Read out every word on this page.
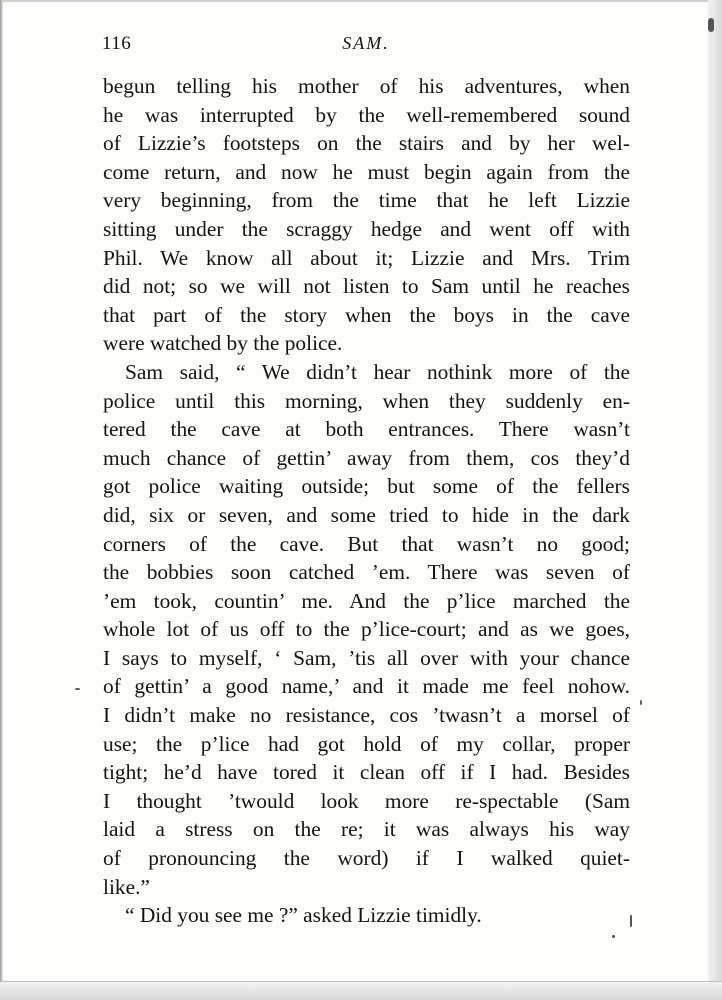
116	SAM.
begun telling his mother of his adventures, when
he was interrupted by the well-remembered sound
of Lizzie’s footsteps on the stairs and by her wel-
come return, and now he must begin again from the
very beginning, from the time that he left Lizzie
sitting under the scraggy hedge and went off with
Phil. We know all about it; Lizzie and Mrs. Trim
did not; so we will not listen to Sam until he reaches
that part of the story when the boys in the cave
were watched by the police.
Sam said, “ We didn’t hear nothink more of the
police until this morning, when they suddenly en-
tered the cave at both entrances. There wasn’t
much chance of gettin’ away from them, cos they’d
got police waiting outside; but some of the fellers
did, six or seven, and some tried to hide in the dark
corners of the cave. But that wasn’t no good;
the bobbies soon catched ’em. There was seven of
’em took, countin’ me. And the p’lice marched the
whole lot of us off to the p’lice-court; and as we goes,
I says to myself, ‘ Sam, ’tis all over with your chance
of gettin’ a good name,’ and it made me feel nohow.
I didn’t make no resistance, cos ’twasn’t a morsel of
use; the p’lice had got hold of my collar, proper
tight; he’d have tored it clean off if I had. Besides
I thought ’twould look more re-spectable (Sam
laid a stress on the re; it was always his way
of pronouncing the word) if I walked quiet-
like.”
“ Did you see me ?” asked Lizzie timidly.
